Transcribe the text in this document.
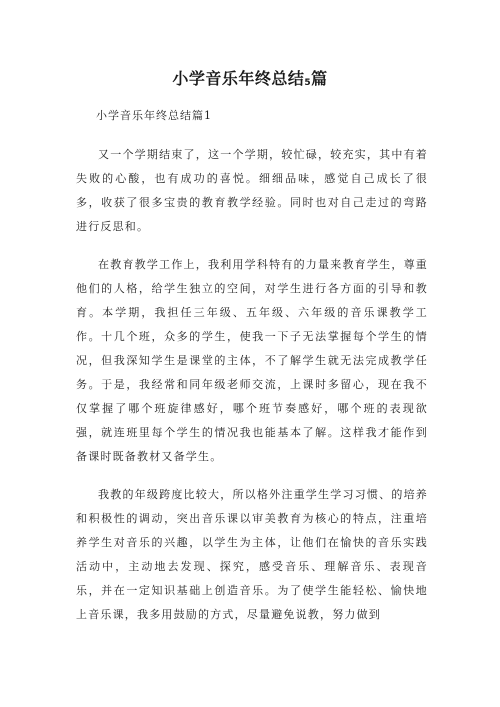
小学音乐年终总结$_5$篇

小学音乐年终总结篇1

又一个学期结束了，这一个学期，较忙碌，较充实，其中有着失败的心酸，也有成功的喜悦。细细品味，感觉自己成长了很多，收获了很多宝贵的教育教学经验。同时也对自己走过的弯路进行反思和。

在教育教学工作上，我利用学科特有的力量来教育学生，尊重他们的人格，给学生独立的空间，对学生进行各方面的引导和教育。本学期，我担任三年级、五年级、六年级的音乐课教学工作。十几个班，众多的学生，使我一下子无法掌握每个学生的情况，但我深知学生是课堂的主体，不了解学生就无法完成教学任务。于是，我经常和同年级老师交流，上课时多留心，现在我不仅掌握了哪个班旋律感好，哪个班节奏感好，哪个班的表现欲强，就连班里每个学生的情况我也能基本了解。这样我才能作到备课时既备教材又备学生。

我教的年级跨度比较大，所以格外注重学生学习习惯、的培养和积极性的调动，突出音乐课以审美教育为核心的特点，注重培养学生对音乐的兴趣，以学生为主体，让他们在愉快的音乐实践活动中，主动地去发现、探究，感受音乐、理解音乐、表现音乐，并在一定知识基础上创造音乐。为了使学生能轻松、愉快地上音乐课，我多用鼓励的方式，尽量避免说教，努力做到
